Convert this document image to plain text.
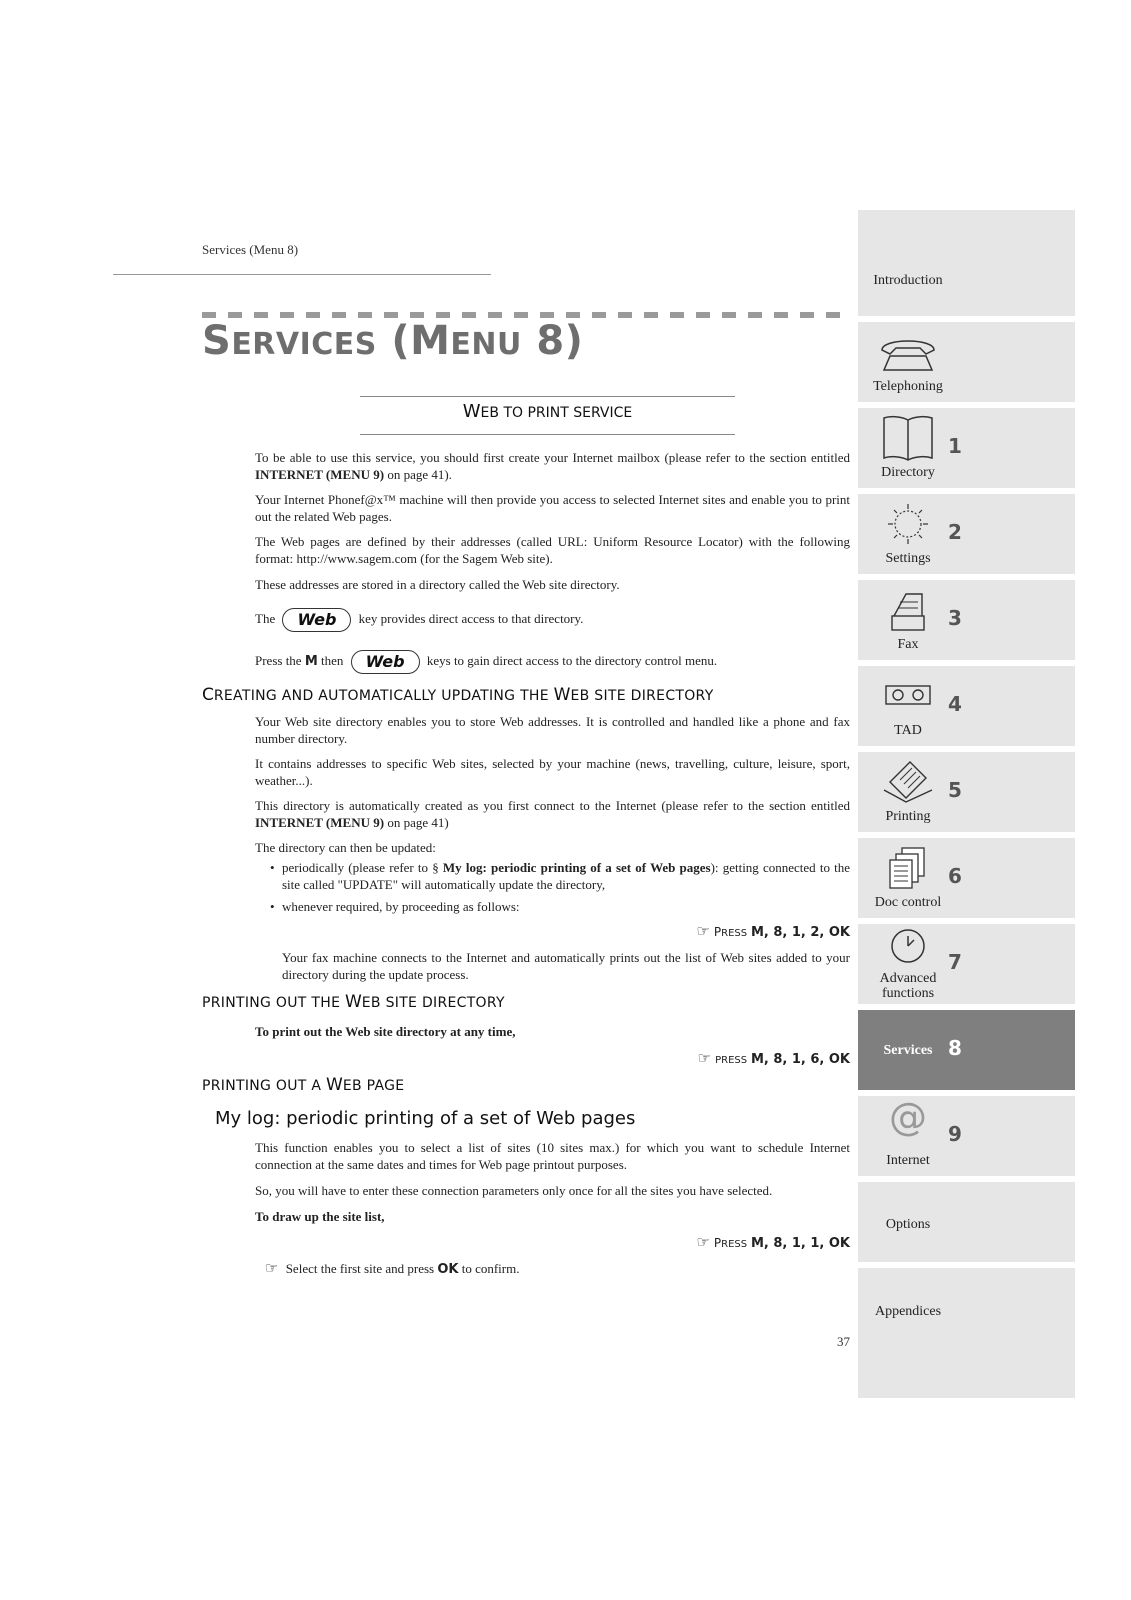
Services (Menu 8)
SERVICES (MENU 8)
WEB TO PRINT SERVICE
To be able to use this service, you should first create your Internet mailbox (please refer to the section entitled INTERNET (MENU 9) on page 41).
Your Internet Phonef@x™ machine will then provide you access to selected Internet sites and enable you to print out the related Web pages.
The Web pages are defined by their addresses (called URL: Uniform Resource Locator) with the following format: http://www.sagem.com (for the Sagem Web site).
These addresses are stored in a directory called the Web site directory.
The Web key provides direct access to that directory.
Press the M then Web keys to gain direct access to the directory control menu.
CREATING AND AUTOMATICALLY UPDATING THE WEB SITE DIRECTORY
Your Web site directory enables you to store Web addresses. It is controlled and handled like a phone and fax number directory.
It contains addresses to specific Web sites, selected by your machine (news, travelling, culture, leisure, sport, weather...).
This directory is automatically created as you first connect to the Internet (please refer to the section entitled INTERNET (MENU 9) on page 41)
The directory can then be updated:
• periodically (please refer to § My log: periodic printing of a set of Web pages): getting connected to the site called "UPDATE" will automatically update the directory,
• whenever required, by proceeding as follows:
☞ PRESS M, 8, 1, 2, OK
Your fax machine connects to the Internet and automatically prints out the list of Web sites added to your directory during the update process.
PRINTING OUT THE WEB SITE DIRECTORY
To print out the Web site directory at any time,
☞ PRESS M, 8, 1, 6, OK
PRINTING OUT A WEB PAGE
My log: periodic printing of a set of Web pages
This function enables you to select a list of sites (10 sites max.) for which you want to schedule Internet connection at the same dates and times for Web page printout purposes.
So, you will have to enter these connection parameters only once for all the sites you have selected.
To draw up the site list,
☞ PRESS M, 8, 1, 1, OK
☞ Select the first site and press OK to confirm.
37
Introduction
Telephoning
Directory
1
Settings
2
Fax
3
TAD
4
Printing
5
Doc control
6
Advanced functions
7
Services 8
@
Internet
9
Options
Appendices
